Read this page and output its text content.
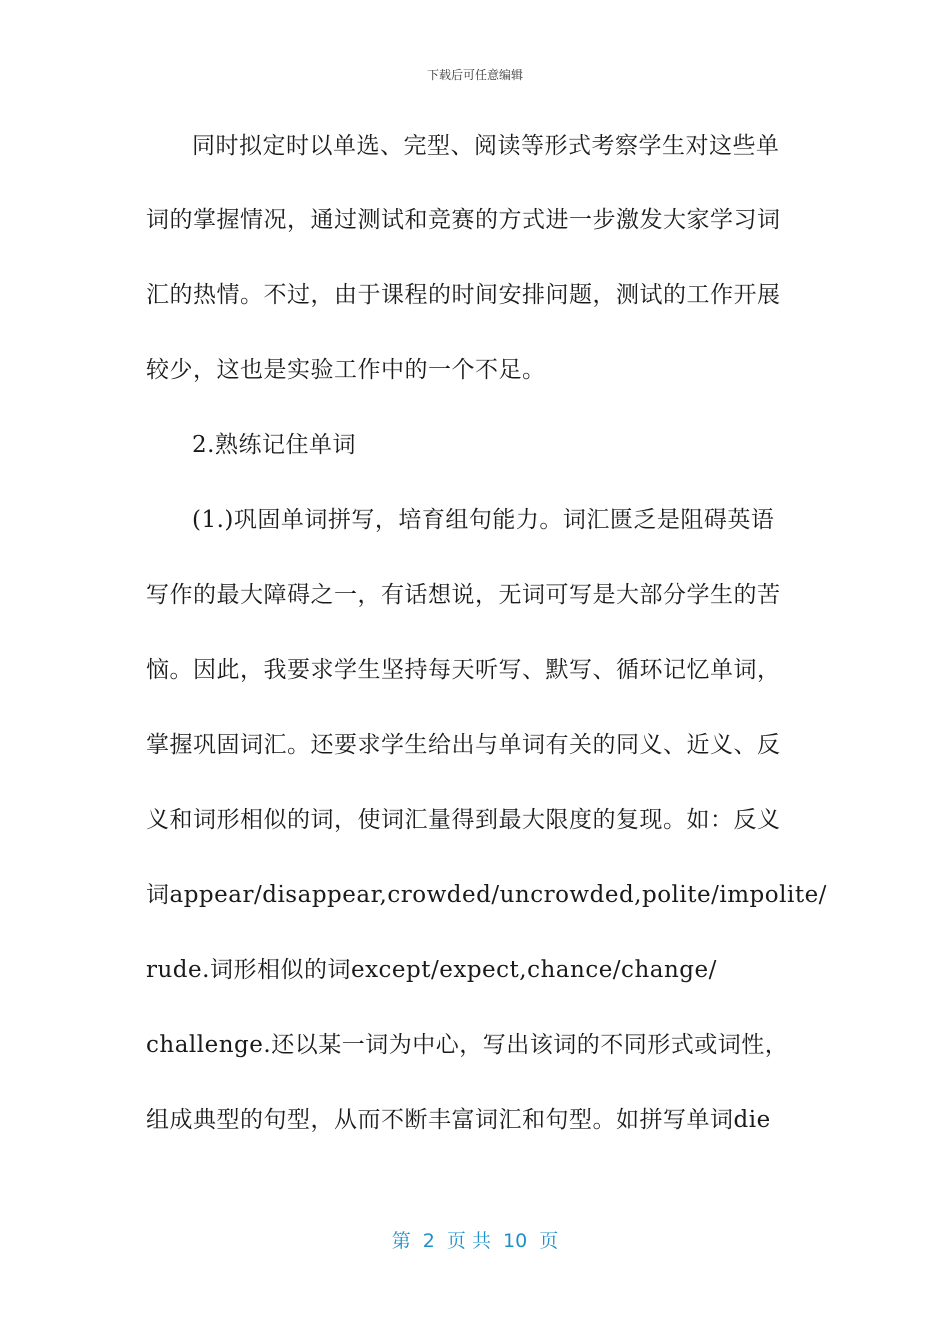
下载后可任意编辑
同时拟定时以单选、完型、阅读等形式考察学生对这些单
词的掌握情况，通过测试和竞赛的方式进一步激发大家学习词
汇的热情。不过，由于课程的时间安排问题，测试的工作开展
较少，这也是实验工作中的一个不足。
2.熟练记住单词
(1.)巩固单词拼写，培育组句能力。词汇匮乏是阻碍英语
写作的最大障碍之一，有话想说，无词可写是大部分学生的苦
恼。因此，我要求学生坚持每天听写、默写、循环记忆单词，
掌握巩固词汇。还要求学生给出与单词有关的同义、近义、反
义和词形相似的词，使词汇量得到最大限度的复现。如：反义
词appear/disappear,crowded/uncrowded,polite/impolite/
rude.词形相似的词except/expect,chance/change/
challenge.还以某一词为中心，写出该词的不同形式或词性，
组成典型的句型，从而不断丰富词汇和句型。如拼写单词die
第  2  页 共  10  页
